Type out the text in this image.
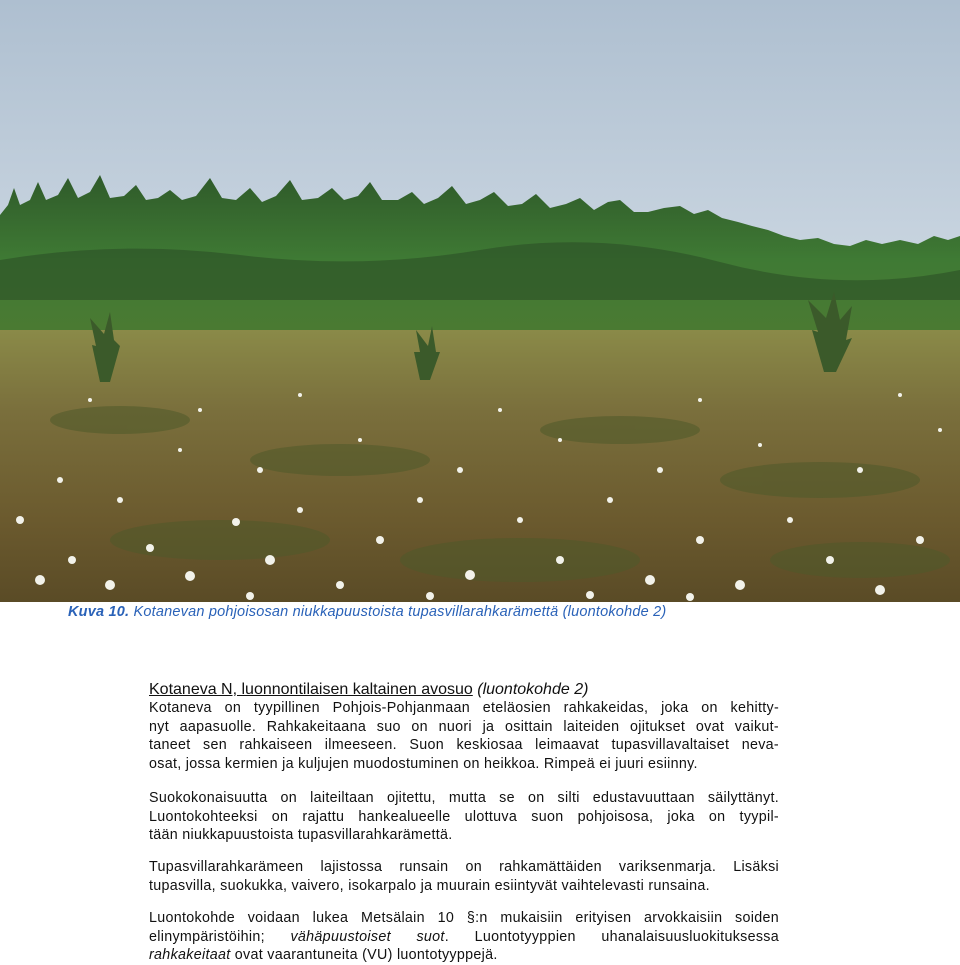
Kuva 10. Kotanevan pohjoisosan niukkapuustoista tupasvillarahkarämettä (luontokohde 2)
Kotaneva N, luonnontilaisen kaltainen avosuo (luontokohde 2)
Kotaneva on tyypillinen Pohjois-Pohjanmaan eteläosien rahkakeidas, joka on kehitty-
nyt aapasuolle. Rahkakeitaana suo on nuori ja osittain laiteiden ojitukset ovat vaikut-
taneet sen rahkaiseen ilmeeseen. Suon keskiosaa leimaavat tupasvillavaltaiset neva-
osat, jossa kermien ja kuljujen muodostuminen on heikkoa. Rimpeä ei juuri esiinny.
Suokokonaisuutta on laiteiltaan ojitettu, mutta se on silti edustavuuttaan säilyttänyt.
Luontokohteeksi on rajattu hankealueelle ulottuva suon pohjoisosa, joka on tyypil-
tään niukkapuustoista tupasvillarahkarämettä.
Tupasvillarahkarämeen lajistossa runsain on rahkamättäiden variksenmarja. Lisäksi
tupasvilla, suokukka, vaivero, isokarpalo ja muurain esiintyvät vaihtelevasti runsaina.
Luontokohde voidaan lukea Metsälain 10 §:n mukaisiin erityisen arvokkaisiin soiden
elinympäristöihin; vähäpuustoiset suot. Luontotyyppien uhanalaisuusluokituksessa
rahkakeitaat ovat vaarantuneita (VU) luontotyyppejä.
